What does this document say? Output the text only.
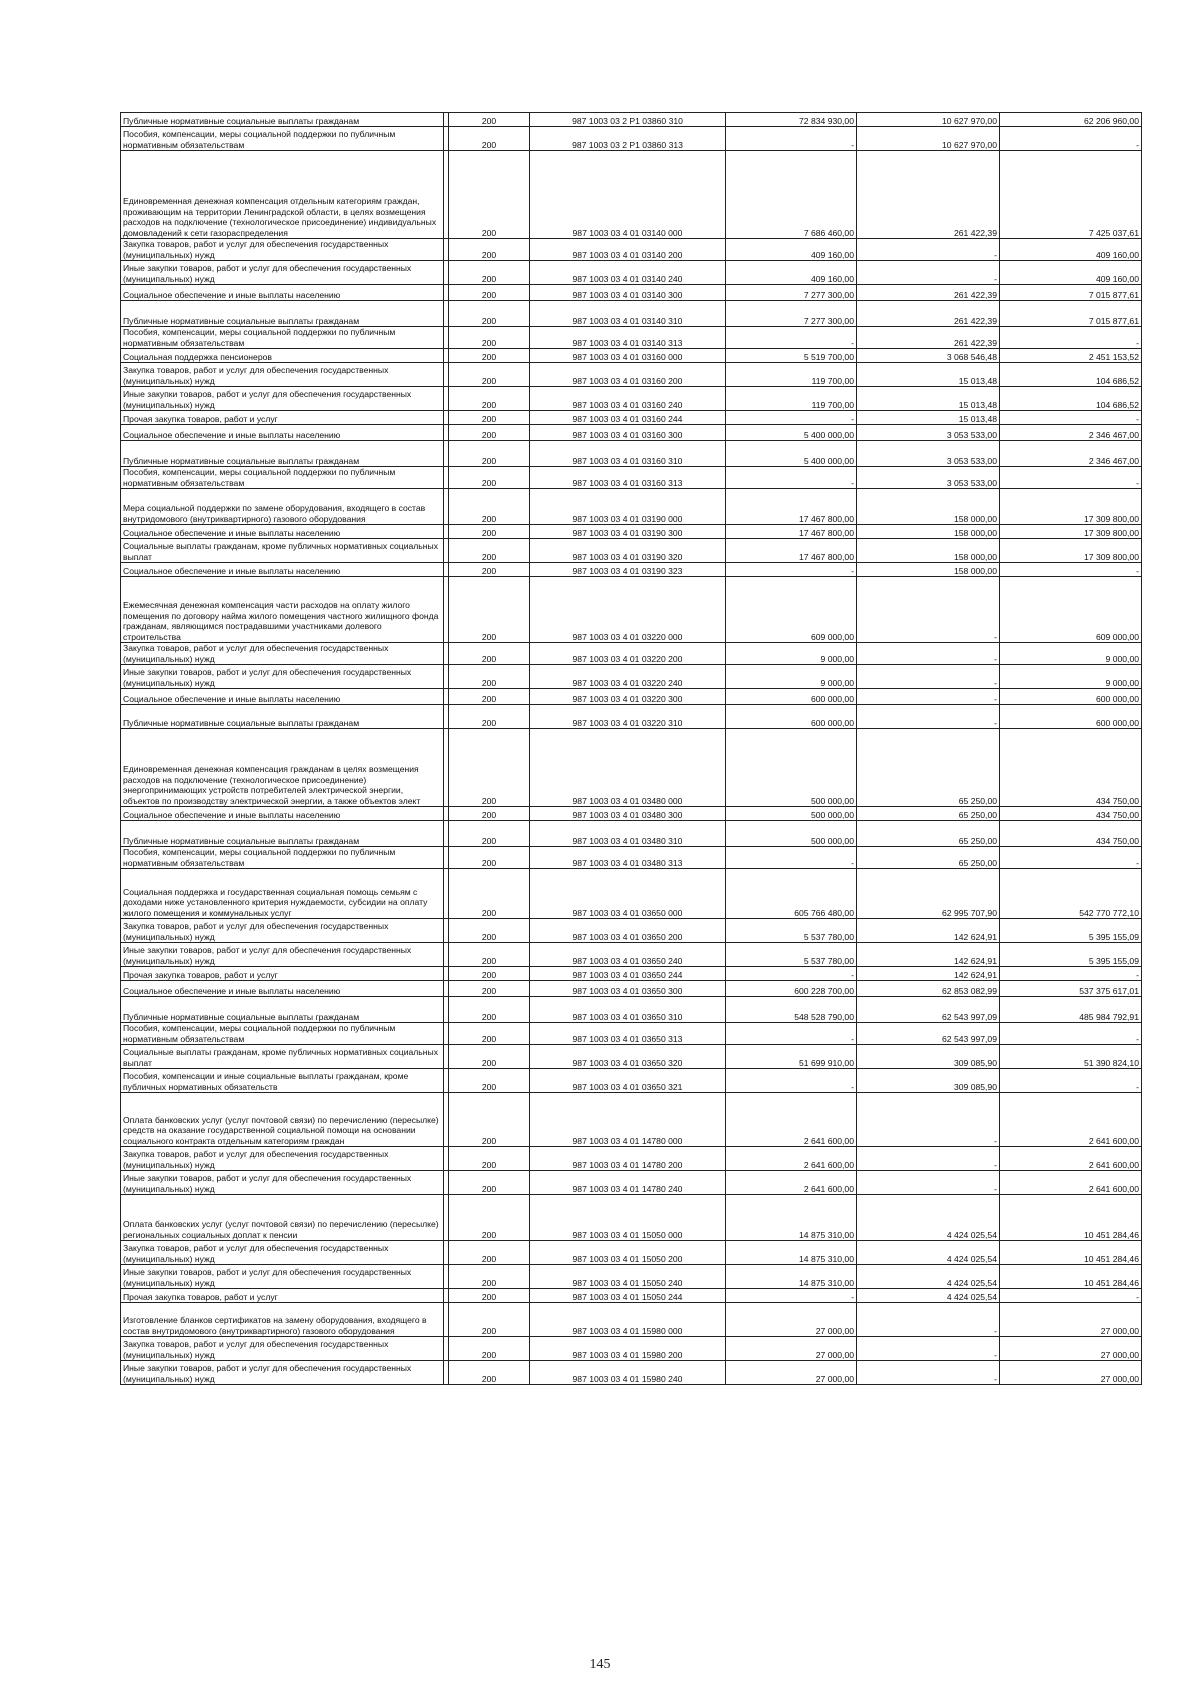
Публичные нормативные социальные выплаты гражданам		200	987 1003 03 2 P1 03860 310	72 834 930,00	10 627 970,00	62 206 960,00
Пособия, компенсации, меры социальной поддержки по публичным нормативным обязательствам		200	987 1003 03 2 P1 03860 313	-	10 627 970,00	-
Единовременная денежная компенсация отдельным категориям граждан, проживающим на территории Ленинградской области, в целях возмещения расходов на подключение (технологическое присоединение) индивидуальных домовладений к сети газораспределения		200	987 1003 03 4 01 03140 000	7 686 460,00	261 422,39	7 425 037,61
Закупка товаров, работ и услуг для обеспечения государственных (муниципальных) нужд		200	987 1003 03 4 01 03140 200	409 160,00	-	409 160,00
Иные закупки товаров, работ и услуг для обеспечения государственных (муниципальных) нужд		200	987 1003 03 4 01 03140 240	409 160,00	-	409 160,00
Социальное обеспечение и иные выплаты населению		200	987 1003 03 4 01 03140 300	7 277 300,00	261 422,39	7 015 877,61
Публичные нормативные социальные выплаты гражданам		200	987 1003 03 4 01 03140 310	7 277 300,00	261 422,39	7 015 877,61
Пособия, компенсации, меры социальной поддержки по публичным нормативным обязательствам		200	987 1003 03 4 01 03140 313	-	261 422,39	-
Социальная поддержка пенсионеров		200	987 1003 03 4 01 03160 000	5 519 700,00	3 068 546,48	2 451 153,52
Закупка товаров, работ и услуг для обеспечения государственных (муниципальных) нужд		200	987 1003 03 4 01 03160 200	119 700,00	15 013,48	104 686,52
Иные закупки товаров, работ и услуг для обеспечения государственных (муниципальных) нужд		200	987 1003 03 4 01 03160 240	119 700,00	15 013,48	104 686,52
Прочая закупка товаров, работ и услуг		200	987 1003 03 4 01 03160 244	-	15 013,48	-
Социальное обеспечение и иные выплаты населению		200	987 1003 03 4 01 03160 300	5 400 000,00	3 053 533,00	2 346 467,00
Публичные нормативные социальные выплаты гражданам		200	987 1003 03 4 01 03160 310	5 400 000,00	3 053 533,00	2 346 467,00
Пособия, компенсации, меры социальной поддержки по публичным нормативным обязательствам		200	987 1003 03 4 01 03160 313	-	3 053 533,00	-
Мера социальной поддержки по замене оборудования, входящего в состав внутридомового (внутриквартирного) газового оборудования		200	987 1003 03 4 01 03190 000	17 467 800,00	158 000,00	17 309 800,00
Социальное обеспечение и иные выплаты населению		200	987 1003 03 4 01 03190 300	17 467 800,00	158 000,00	17 309 800,00
Социальные выплаты гражданам, кроме публичных нормативных социальных выплат		200	987 1003 03 4 01 03190 320	17 467 800,00	158 000,00	17 309 800,00
Социальное обеспечение и иные выплаты населению		200	987 1003 03 4 01 03190 323	-	158 000,00	-
Ежемесячная денежная компенсация части расходов на оплату жилого помещения по договору найма жилого помещения частного жилищного фонда гражданам, являющимся пострадавшими участниками долевого строительства		200	987 1003 03 4 01 03220 000	609 000,00	-	609 000,00
Закупка товаров, работ и услуг для обеспечения государственных (муниципальных) нужд		200	987 1003 03 4 01 03220 200	9 000,00	-	9 000,00
Иные закупки товаров, работ и услуг для обеспечения государственных (муниципальных) нужд		200	987 1003 03 4 01 03220 240	9 000,00	-	9 000,00
Социальное обеспечение и иные выплаты населению		200	987 1003 03 4 01 03220 300	600 000,00	-	600 000,00
Публичные нормативные социальные выплаты гражданам		200	987 1003 03 4 01 03220 310	600 000,00	-	600 000,00
Единовременная денежная компенсация гражданам в целях возмещения расходов на подключение (технологическое присоединение) энергопринимающих устройств потребителей электрической энергии, объектов по производству электрической энергии, а также объектов элект		200	987 1003 03 4 01 03480 000	500 000,00	65 250,00	434 750,00
Социальное обеспечение и иные выплаты населению		200	987 1003 03 4 01 03480 300	500 000,00	65 250,00	434 750,00
Публичные нормативные социальные выплаты гражданам		200	987 1003 03 4 01 03480 310	500 000,00	65 250,00	434 750,00
Пособия, компенсации, меры социальной поддержки по публичным нормативным обязательствам		200	987 1003 03 4 01 03480 313	-	65 250,00	-
Социальная поддержка и государственная социальная помощь семьям с доходами ниже установленного критерия нуждаемости, субсидии на оплату жилого помещения и коммунальных услуг		200	987 1003 03 4 01 03650 000	605 766 480,00	62 995 707,90	542 770 772,10
Закупка товаров, работ и услуг для обеспечения государственных (муниципальных) нужд		200	987 1003 03 4 01 03650 200	5 537 780,00	142 624,91	5 395 155,09
Иные закупки товаров, работ и услуг для обеспечения государственных (муниципальных) нужд		200	987 1003 03 4 01 03650 240	5 537 780,00	142 624,91	5 395 155,09
Прочая закупка товаров, работ и услуг		200	987 1003 03 4 01 03650 244	-	142 624,91	-
Социальное обеспечение и иные выплаты населению		200	987 1003 03 4 01 03650 300	600 228 700,00	62 853 082,99	537 375 617,01
Публичные нормативные социальные выплаты гражданам		200	987 1003 03 4 01 03650 310	548 528 790,00	62 543 997,09	485 984 792,91
Пособия, компенсации, меры социальной поддержки по публичным нормативным обязательствам		200	987 1003 03 4 01 03650 313	-	62 543 997,09	-
Социальные выплаты гражданам, кроме публичных нормативных социальных выплат		200	987 1003 03 4 01 03650 320	51 699 910,00	309 085,90	51 390 824,10
Пособия, компенсации и иные социальные выплаты гражданам, кроме публичных нормативных обязательств		200	987 1003 03 4 01 03650 321	-	309 085,90	-
Оплата банковских услуг (услуг почтовой связи) по перечислению (пересылке) средств на оказание государственной социальной помощи на основании социального контракта отдельным категориям граждан		200	987 1003 03 4 01 14780 000	2 641 600,00	-	2 641 600,00
Закупка товаров, работ и услуг для обеспечения государственных (муниципальных) нужд		200	987 1003 03 4 01 14780 200	2 641 600,00	-	2 641 600,00
Иные закупки товаров, работ и услуг для обеспечения государственных (муниципальных) нужд		200	987 1003 03 4 01 14780 240	2 641 600,00	-	2 641 600,00
Оплата банковских услуг (услуг почтовой связи) по перечислению (пересылке) региональных социальных доплат к пенсии		200	987 1003 03 4 01 15050 000	14 875 310,00	4 424 025,54	10 451 284,46
Закупка товаров, работ и услуг для обеспечения государственных (муниципальных) нужд		200	987 1003 03 4 01 15050 200	14 875 310,00	4 424 025,54	10 451 284,46
Иные закупки товаров, работ и услуг для обеспечения государственных (муниципальных) нужд		200	987 1003 03 4 01 15050 240	14 875 310,00	4 424 025,54	10 451 284,46
Прочая закупка товаров, работ и услуг		200	987 1003 03 4 01 15050 244	-	4 424 025,54	-
Изготовление бланков сертификатов на замену оборудования, входящего в состав внутридомового (внутриквартирного) газового оборудования		200	987 1003 03 4 01 15980 000	27 000,00	-	27 000,00
Закупка товаров, работ и услуг для обеспечения государственных (муниципальных) нужд		200	987 1003 03 4 01 15980 200	27 000,00	-	27 000,00
Иные закупки товаров, работ и услуг для обеспечения государственных (муниципальных) нужд		200	987 1003 03 4 01 15980 240	27 000,00	-	27 000,00
145
